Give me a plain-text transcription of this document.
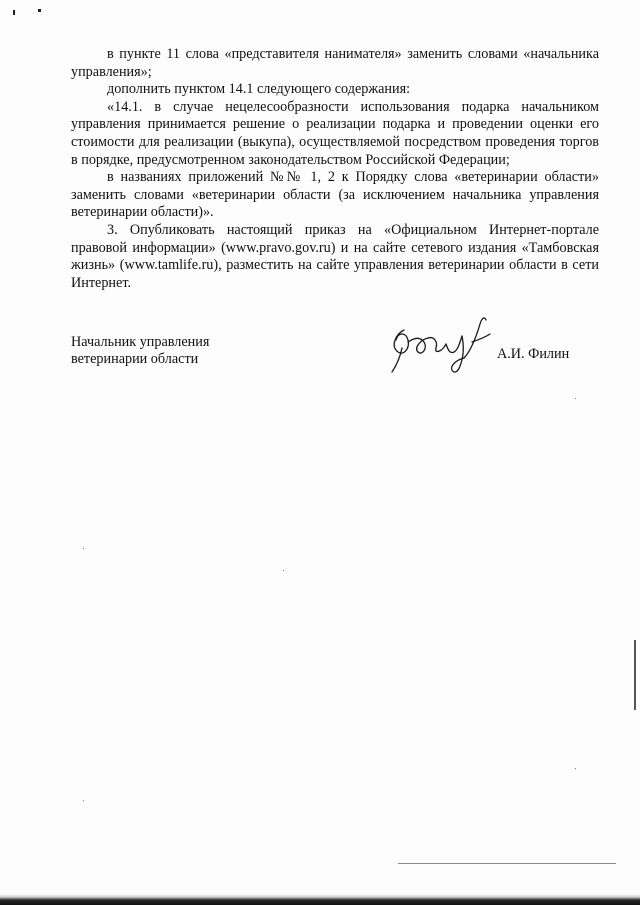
в пункте 11 слова «представителя нанимателя» заменить словами «начальника управления»;

дополнить пунктом 14.1 следующего содержания:

«14.1. в случае нецелесообразности использования подарка начальником управления принимается решение о реализации подарка и проведении оценки его стоимости для реализации (выкупа), осуществляемой посредством проведения торгов в порядке, предусмотренном законодательством Российской Федерации;

в названиях приложений №№ 1, 2 к Порядку слова «ветеринарии области» заменить словами «ветеринарии области (за исключением начальника управления ветеринарии области)».

3. Опубликовать настоящий приказ на «Официальном Интернет-портале правовой информации» (www.pravo.gov.ru) и на сайте сетевого издания «Тамбовская жизнь» (www.tamlife.ru), разместить на сайте управления ветеринарии области в сети Интернет.

Начальник управления
ветеринарии области	А.И. Филин
